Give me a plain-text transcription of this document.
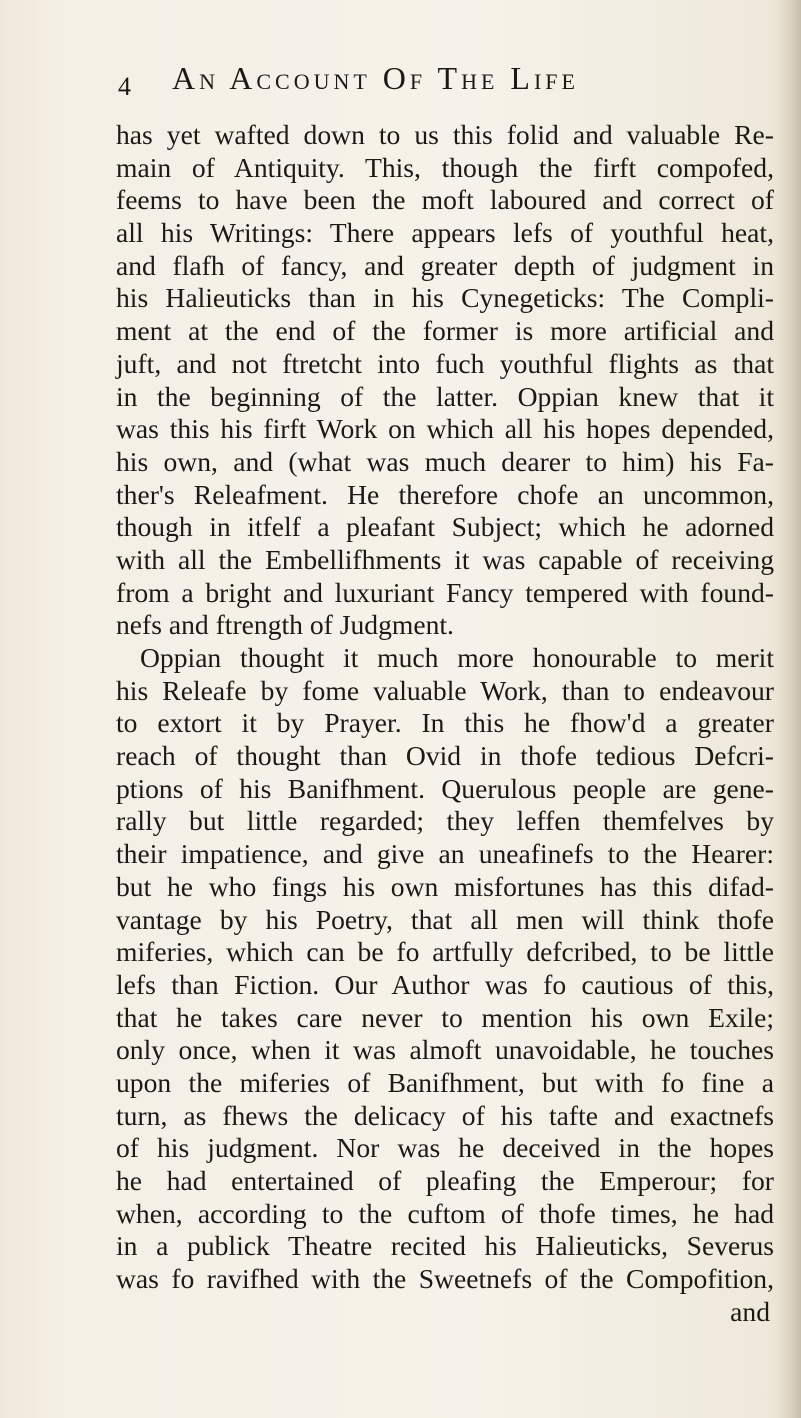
4 An Account Of The Life
has yet wafted down to us this folid and valuable Re-
main of Antiquity. This, though the firft compofed,
feems to have been the moft laboured and correct of
all his Writings: There appears lefs of youthful heat,
and flafh of fancy, and greater depth of judgment in
his Halieuticks than in his Cynegeticks: The Compli-
ment at the end of the former is more artificial and
juft, and not ftretcht into fuch youthful flights as that
in the beginning of the latter. Oppian knew that it
was this his firft Work on which all his hopes depended,
his own, and (what was much dearer to him) his Fa-
ther's Releafment. He therefore chofe an uncommon,
though in itfelf a pleafant Subject; which he adorned
with all the Embellifhments it was capable of receiving
from a bright and luxuriant Fancy tempered with found-
nefs and ftrength of Judgment.
Oppian thought it much more honourable to merit
his Releafe by fome valuable Work, than to endeavour
to extort it by Prayer. In this he fhow'd a greater
reach of thought than Ovid in thofe tedious Defcri-
ptions of his Banifhment. Querulous people are gene-
rally but little regarded; they leffen themfelves by
their impatience, and give an uneafinefs to the Hearer:
but he who fings his own misfortunes has this difad-
vantage by his Poetry, that all men will think thofe
miferies, which can be fo artfully defcribed, to be little
lefs than Fiction. Our Author was fo cautious of this,
that he takes care never to mention his own Exile;
only once, when it was almoft unavoidable, he touches
upon the miferies of Banifhment, but with fo fine a
turn, as fhews the delicacy of his tafte and exactnefs
of his judgment. Nor was he deceived in the hopes
he had entertained of pleafing the Emperour; for
when, according to the cuftom of thofe times, he had
in a publick Theatre recited his Halieuticks, Severus
was fo ravifhed with the Sweetnefs of the Compofition,
and
